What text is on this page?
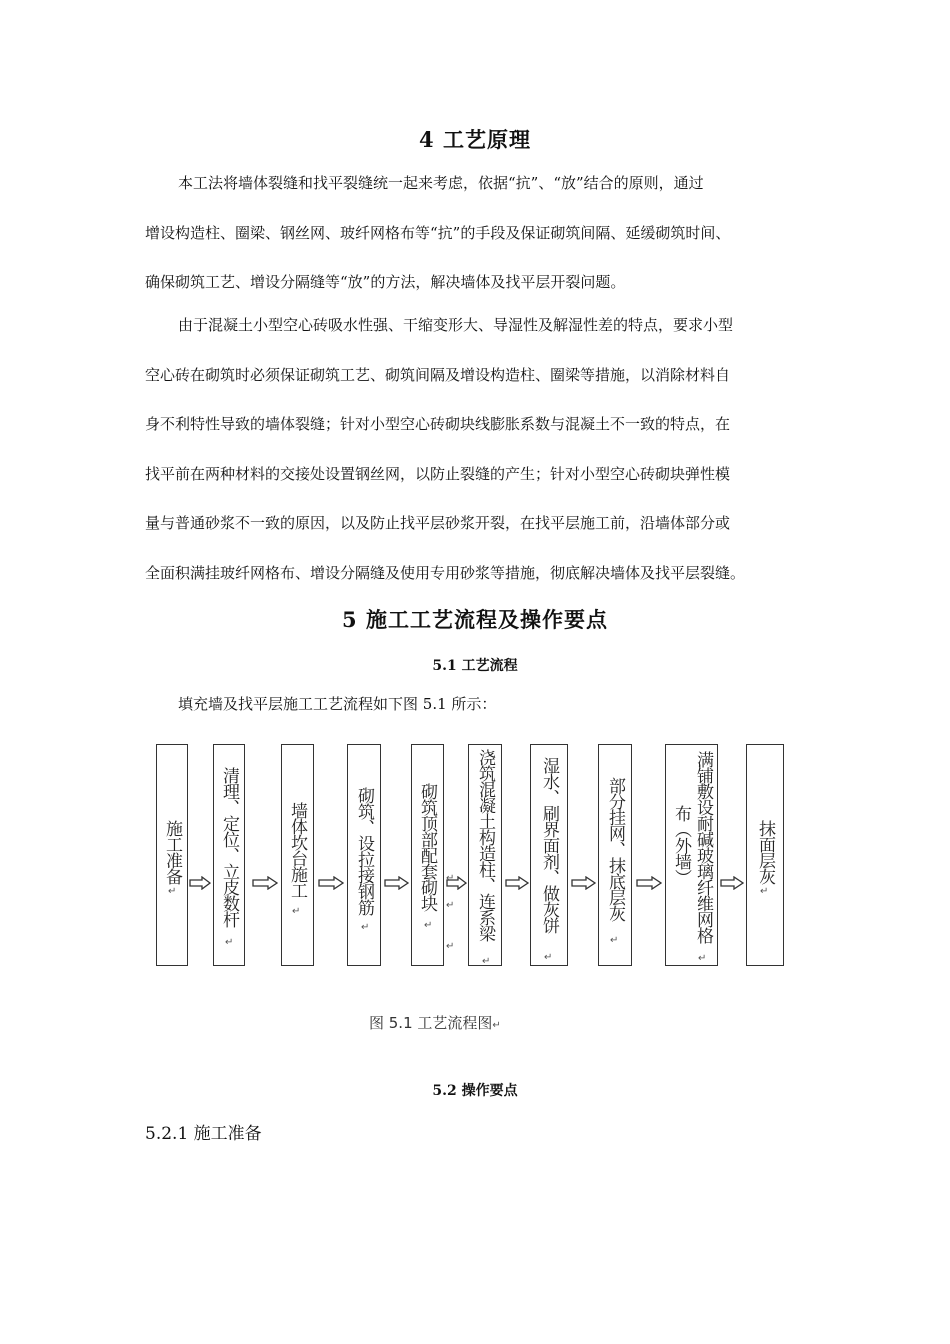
4 工艺原理
本工法将墙体裂缝和找平裂缝统一起来考虑，依据“抗”、“放”结合的原则，通过
增设构造柱、圈梁、钢丝网、玻纤网格布等“抗”的手段及保证砌筑间隔、延缓砌筑时间、
确保砌筑工艺、增设分隔缝等“放”的方法，解决墙体及找平层开裂问题。
由于混凝土小型空心砖吸水性强、干缩变形大、导湿性及解湿性差的特点，要求小型
空心砖在砌筑时必须保证砌筑工艺、砌筑间隔及增设构造柱、圈梁等措施，以消除材料自
身不利特性导致的墙体裂缝；针对小型空心砖砌块线膨胀系数与混凝土不一致的特点，在
找平前在两种材料的交接处设置钢丝网，以防止裂缝的产生；针对小型空心砖砌块弹性模
量与普通砂浆不一致的原因，以及防止找平层砂浆开裂，在找平层施工前，沿墙体部分或
全面积满挂玻纤网格布、增设分隔缝及使用专用砂浆等措施，彻底解决墙体及找平层裂缝。
5 施工工艺流程及操作要点
5.1 工艺流程
填充墙及找平层施工工艺流程如下图 5.1 所示：
施工准备 清理、定位、立皮数杆	墙体坎台施工	砌筑、设拉接钢筋	砌筑顶部配套砌块 浇筑混凝土构造柱、连系梁	湿水、刷界面剂、做灰饼	部分挂网、抹底层灰	满铺敷设耐碱玻璃纤维网格
布（外墙）	抹面层灰
↵
↵
↵
↵	↵
↵
↵
↵
↵	↵
↵
↵
↵
图 5.1 工艺流程图↵
5.2 操作要点
5.2.1 施工准备
